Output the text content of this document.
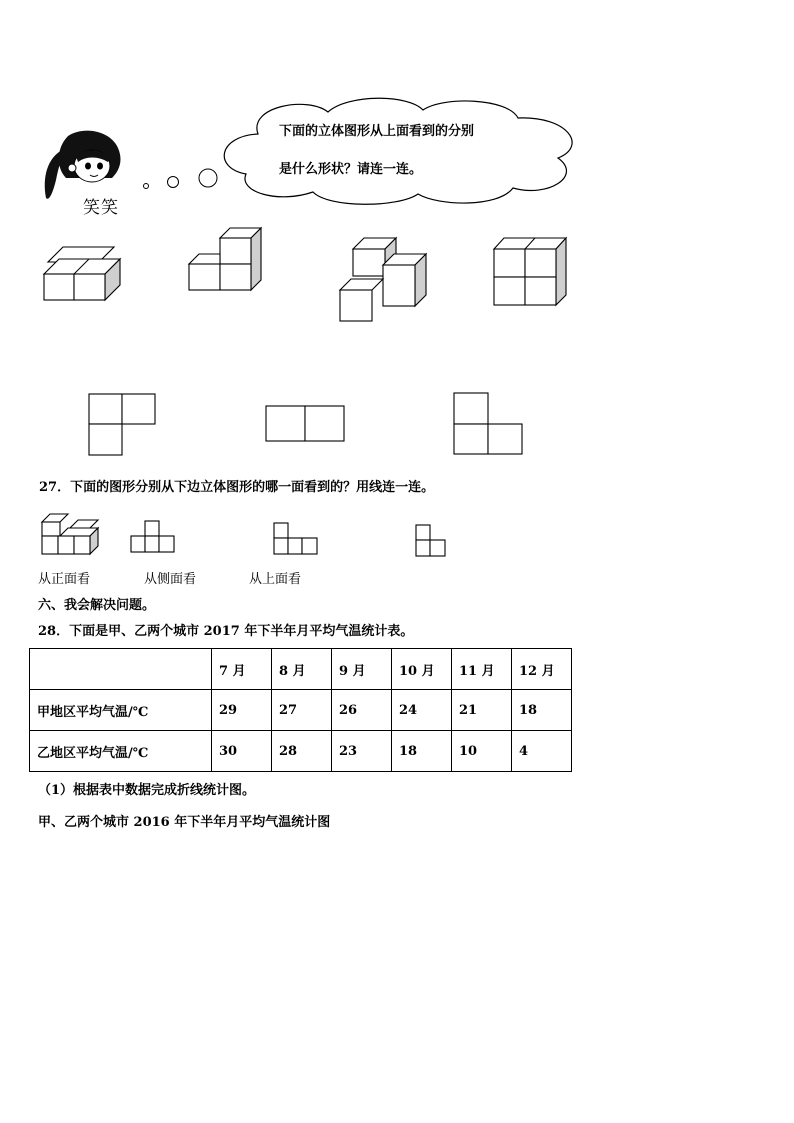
笑笑
下面的立体图形从上面看到的分别
是什么形状？请连一连。
27．下面的图形分别从下边立体图形的哪一面看到的？用线连一连。
从正面看	从侧面看	从上面看
六、我会解决问题。
28．下面是甲、乙两个城市 2017 年下半年月平均气温统计表。
	7 月	8 月	9 月	10 月	11 月	12 月
甲地区平均气温/℃	29	27	26	24	21	18
乙地区平均气温/℃	30	28	23	18	10	4
（1）根据表中数据完成折线统计图。
甲、乙两个城市 2016 年下半年月平均气温统计图
